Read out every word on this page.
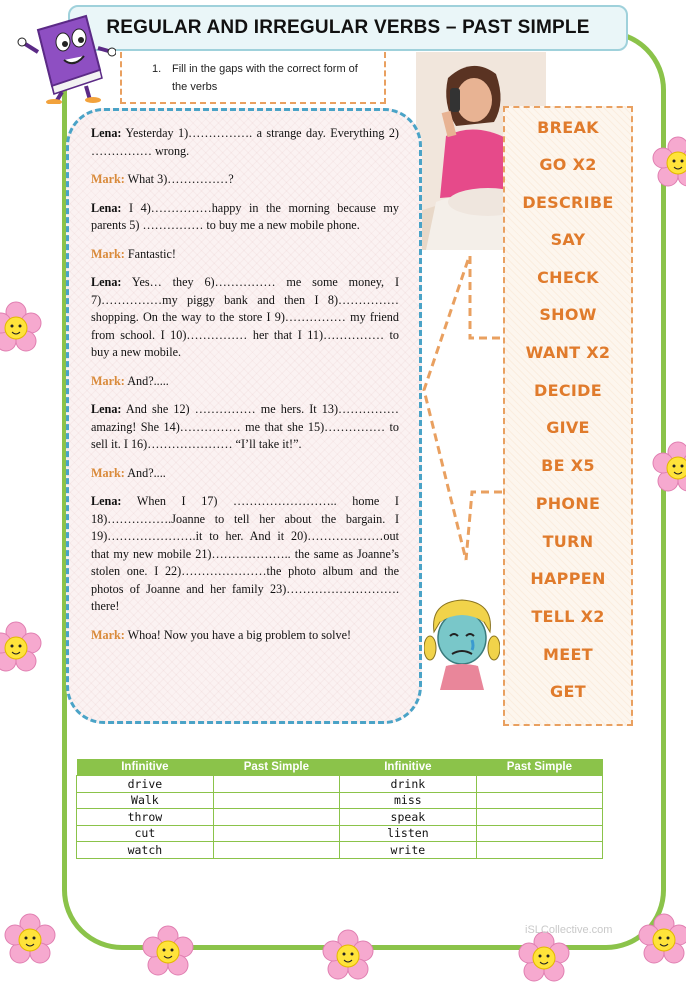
REGULAR AND IRREGULAR VERBS – PAST SIMPLE
1. Fill in the gaps with the correct form of the verbs

Lena: Yesterday 1)……………. a strange day. Everything 2) …………… wrong.

Mark: What 3)……………?

Lena: I 4)……………happy in the morning because my parents 5) …………… to buy me a new mobile phone.

Mark: Fantastic!

Lena: Yes… they 6)…………… me some money, I 7)……………my piggy bank and then I 8)…………… shopping. On the way to the store I 9)…………… my friend from school. I 10)…………… her that I 11)…………… to buy a new mobile.

Mark: And?.....

Lena: And she 12) …………… me hers. It 13)…………… amazing! She 14)…………… me that she 15)…………… to sell it. I 16)………………… “I’ll take it!”.

Mark: And?....

Lena: When I 17) …………………….. home I 18)…………….Joanne to tell her about the bargain. I 19)………………….it to her. And it 20)………….……out that my new mobile 21)……………….. the same as Joanne’s stolen one. I 22)…………………the photo album and the photos of Joanne and her family 23)………………………. there!

Mark: Whoa! Now you have a big problem to solve!

BREAK
GO X2
DESCRIBE
SAY
CHECK
SHOW
WANT X2
DECIDE
GIVE
BE X5
PHONE
TURN
HAPPEN
TELL X2
MEET
GET
Infinitive	Past Simple	Infinitive	Past Simple
drive		drink	
Walk		miss	
throw		speak	
cut		listen	
watch		write	
iSLCollective.com
